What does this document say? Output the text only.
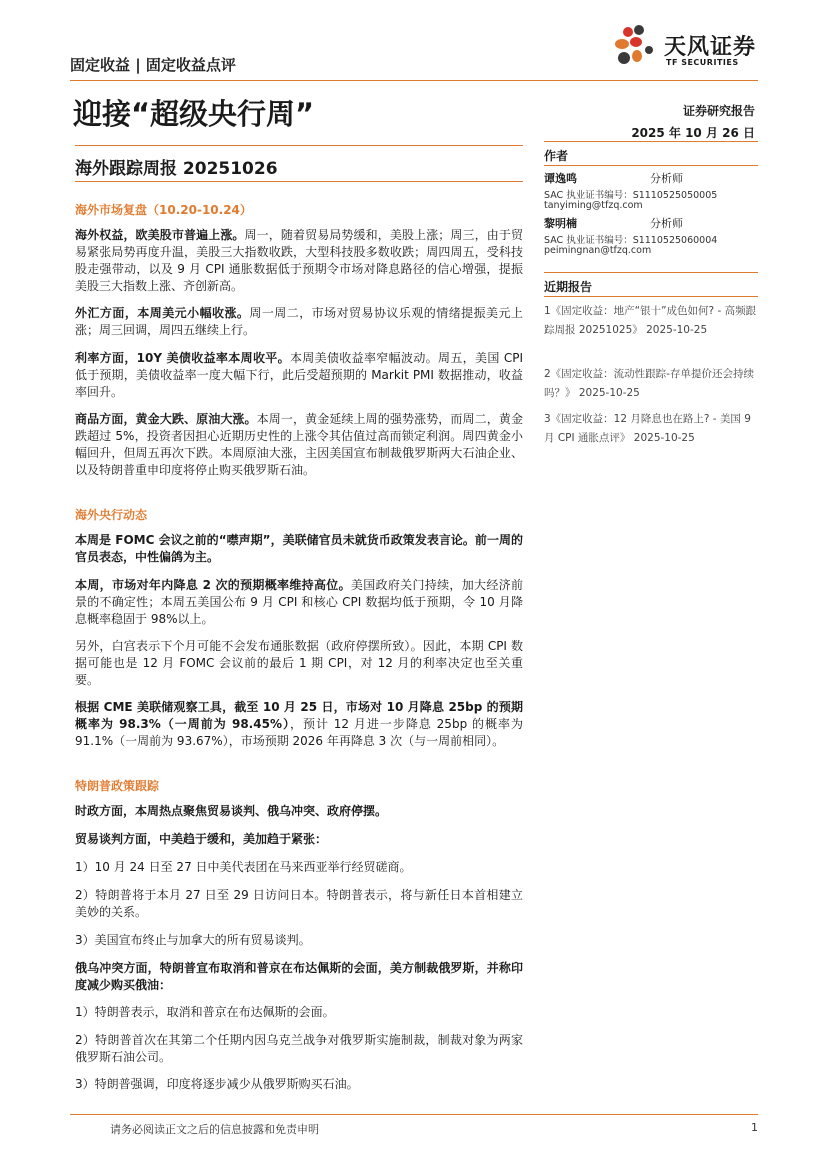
固定收益 | 固定收益点评
天风证券
TF SECURITIES
迎接“超级央行周”	证券研究报告
2025 年 10 月 26 日
海外跟踪周报 20251026
海外市场复盘（10.20-10.24）
海外权益，欧美股市普遍上涨。周一，随着贸易局势缓和，美股上涨；周三，由于贸易紧张局势再度升温，美股三大指数收跌，大型科技股多数收跌；周四周五，受科技股走强带动，以及 9 月 CPI 通胀数据低于预期令市场对降息路径的信心增强，提振美股三大指数上涨、齐创新高。
外汇方面，本周美元小幅收涨。周一周二，市场对贸易协议乐观的情绪提振美元上涨；周三回调，周四五继续上行。
利率方面，10Y 美债收益率本周收平。本周美债收益率窄幅波动。周五，美国 CPI 低于预期，美债收益率一度大幅下行，此后受超预期的 Markit PMI 数据推动，收益率回升。
商品方面，黄金大跌、原油大涨。本周一，黄金延续上周的强势涨势，而周二，黄金跌超过 5%，投资者因担心近期历史性的上涨令其估值过高而锁定利润。周四黄金小幅回升，但周五再次下跌。本周原油大涨，主因美国宣布制裁俄罗斯两大石油企业、以及特朗普重申印度将停止购买俄罗斯石油。
海外央行动态
本周是 FOMC 会议之前的“噤声期”，美联储官员未就货币政策发表言论。前一周的官员表态，中性偏鸽为主。
本周，市场对年内降息 2 次的预期概率维持高位。美国政府关门持续，加大经济前景的不确定性；本周五美国公布 9 月 CPI 和核心 CPI 数据均低于预期，令 10 月降息概率稳固于 98%以上。
另外，白宫表示下个月可能不会发布通胀数据（政府停摆所致）。因此，本期 CPI 数据可能也是 12 月 FOMC 会议前的最后 1 期 CPI，对 12 月的利率决定也至关重要。
根据 CME 美联储观察工具，截至 10 月 25 日，市场对 10 月降息 25bp 的预期概率为 98.3%（一周前为 98.45%），预计 12 月进一步降息 25bp 的概率为 91.1%（一周前为 93.67%），市场预期 2026 年再降息 3 次（与一周前相同）。
特朗普政策跟踪
时政方面，本周热点聚焦贸易谈判、俄乌冲突、政府停摆。
贸易谈判方面，中美趋于缓和，美加趋于紧张：
1）10 月 24 日至 27 日中美代表团在马来西亚举行经贸磋商。
2）特朗普将于本月 27 日至 29 日访问日本。特朗普表示，将与新任日本首相建立美妙的关系。
3）美国宣布终止与加拿大的所有贸易谈判。
俄乌冲突方面，特朗普宣布取消和普京在布达佩斯的会面，美方制裁俄罗斯，并称印度减少购买俄油：
1）特朗普表示，取消和普京在布达佩斯的会面。
2）特朗普首次在其第二个任期内因乌克兰战争对俄罗斯实施制裁，制裁对象为两家俄罗斯石油公司。
3）特朗普强调，印度将逐步减少从俄罗斯购买石油。
作者
谭逸鸣	分析师
SAC 执业证书编号：S1110525050005
tanyiming@tfzq.com
黎明楠	分析师
SAC 执业证书编号：S1110525060004
peimingnan@tfzq.com
近期报告
1《固定收益：地产“银十”成色如何? - 高频跟踪周报 20251025》 2025-10-25
2《固定收益：流动性跟踪-存单提价还会持续吗？》 2025-10-25
3《固定收益：12 月降息也在路上? - 美国 9 月 CPI 通胀点评》 2025-10-25
请务必阅读正文之后的信息披露和免责申明	1
